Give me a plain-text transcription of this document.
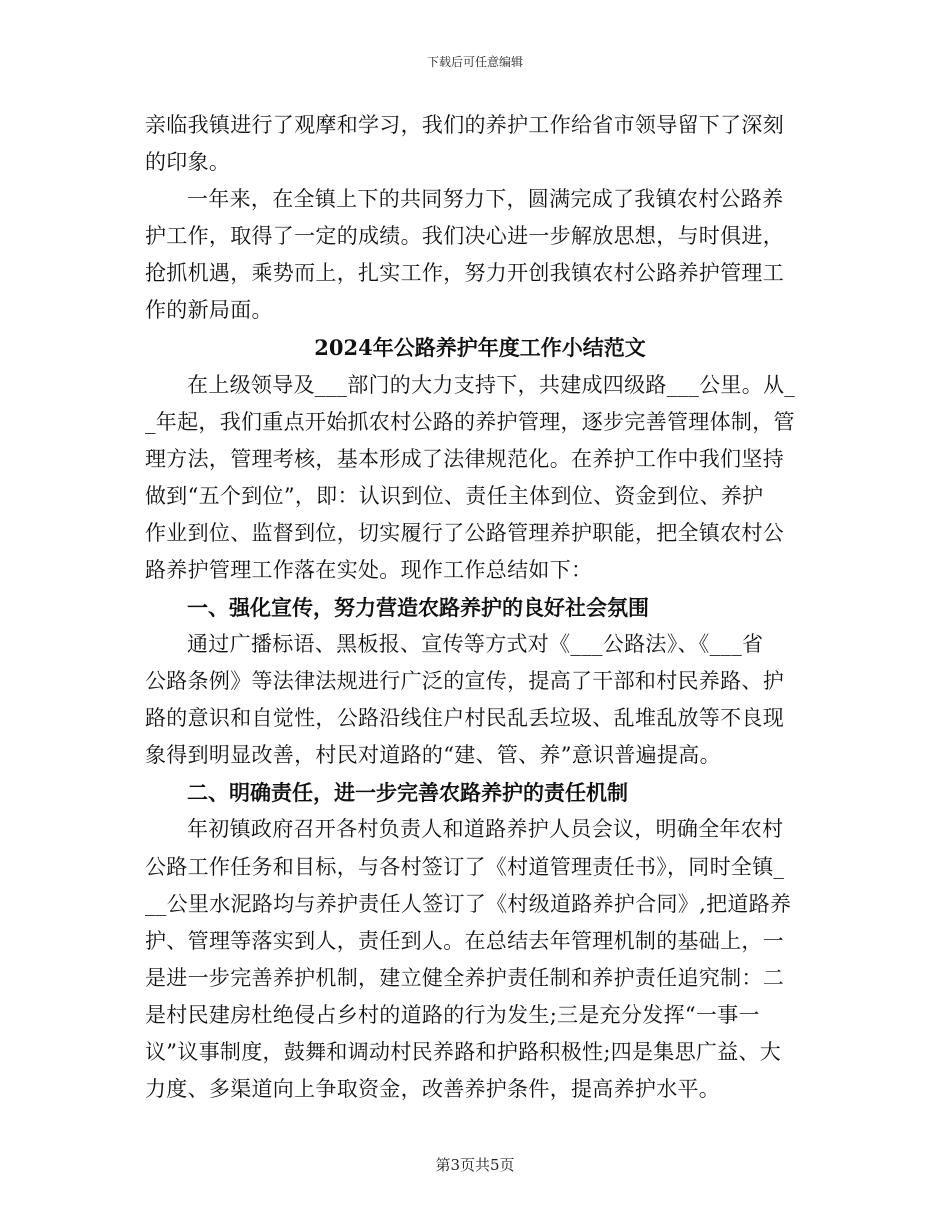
下载后可任意编辑
亲临我镇进行了观摩和学习，我们的养护工作给省市领导留下了深刻
的印象。
一年来，在全镇上下的共同努力下，圆满完成了我镇农村公路养
护工作，取得了一定的成绩。我们决心进一步解放思想，与时俱进，
抢抓机遇，乘势而上，扎实工作，努力开创我镇农村公路养护管理工
作的新局面。
2024年公路养护年度工作小结范文
在上级领导及___部门的大力支持下，共建成四级路___公里。从_
_年起，我们重点开始抓农村公路的养护管理，逐步完善管理体制，管
理方法，管理考核，基本形成了法律规范化。在养护工作中我们坚持
做到“五个到位”，即：认识到位、责任主体到位、资金到位、养护
作业到位、监督到位，切实履行了公路管理养护职能，把全镇农村公
路养护管理工作落在实处。现作工作总结如下：
一、强化宣传，努力营造农路养护的良好社会氛围
通过广播标语、黑板报、宣传等方式对《___公路法》、《___省
公路条例》等法律法规进行广泛的宣传，提高了干部和村民养路、护
路的意识和自觉性，公路沿线住户村民乱丢垃圾、乱堆乱放等不良现
象得到明显改善，村民对道路的“建、管、养”意识普遍提高。
二、明确责任，进一步完善农路养护的责任机制
年初镇政府召开各村负责人和道路养护人员会议，明确全年农村
公路工作任务和目标，与各村签订了《村道管理责任书》，同时全镇_
__公里水泥路均与养护责任人签订了《村级道路养护合同》,把道路养
护、管理等落实到人，责任到人。在总结去年管理机制的基础上，一
是进一步完善养护机制，建立健全养护责任制和养护责任追究制：二
是村民建房杜绝侵占乡村的道路的行为发生;三是充分发挥“一事一
议”议事制度，鼓舞和调动村民养路和护路积极性;四是集思广益、大
力度、多渠道向上争取资金，改善养护条件，提高养护水平。
第3页共5页
